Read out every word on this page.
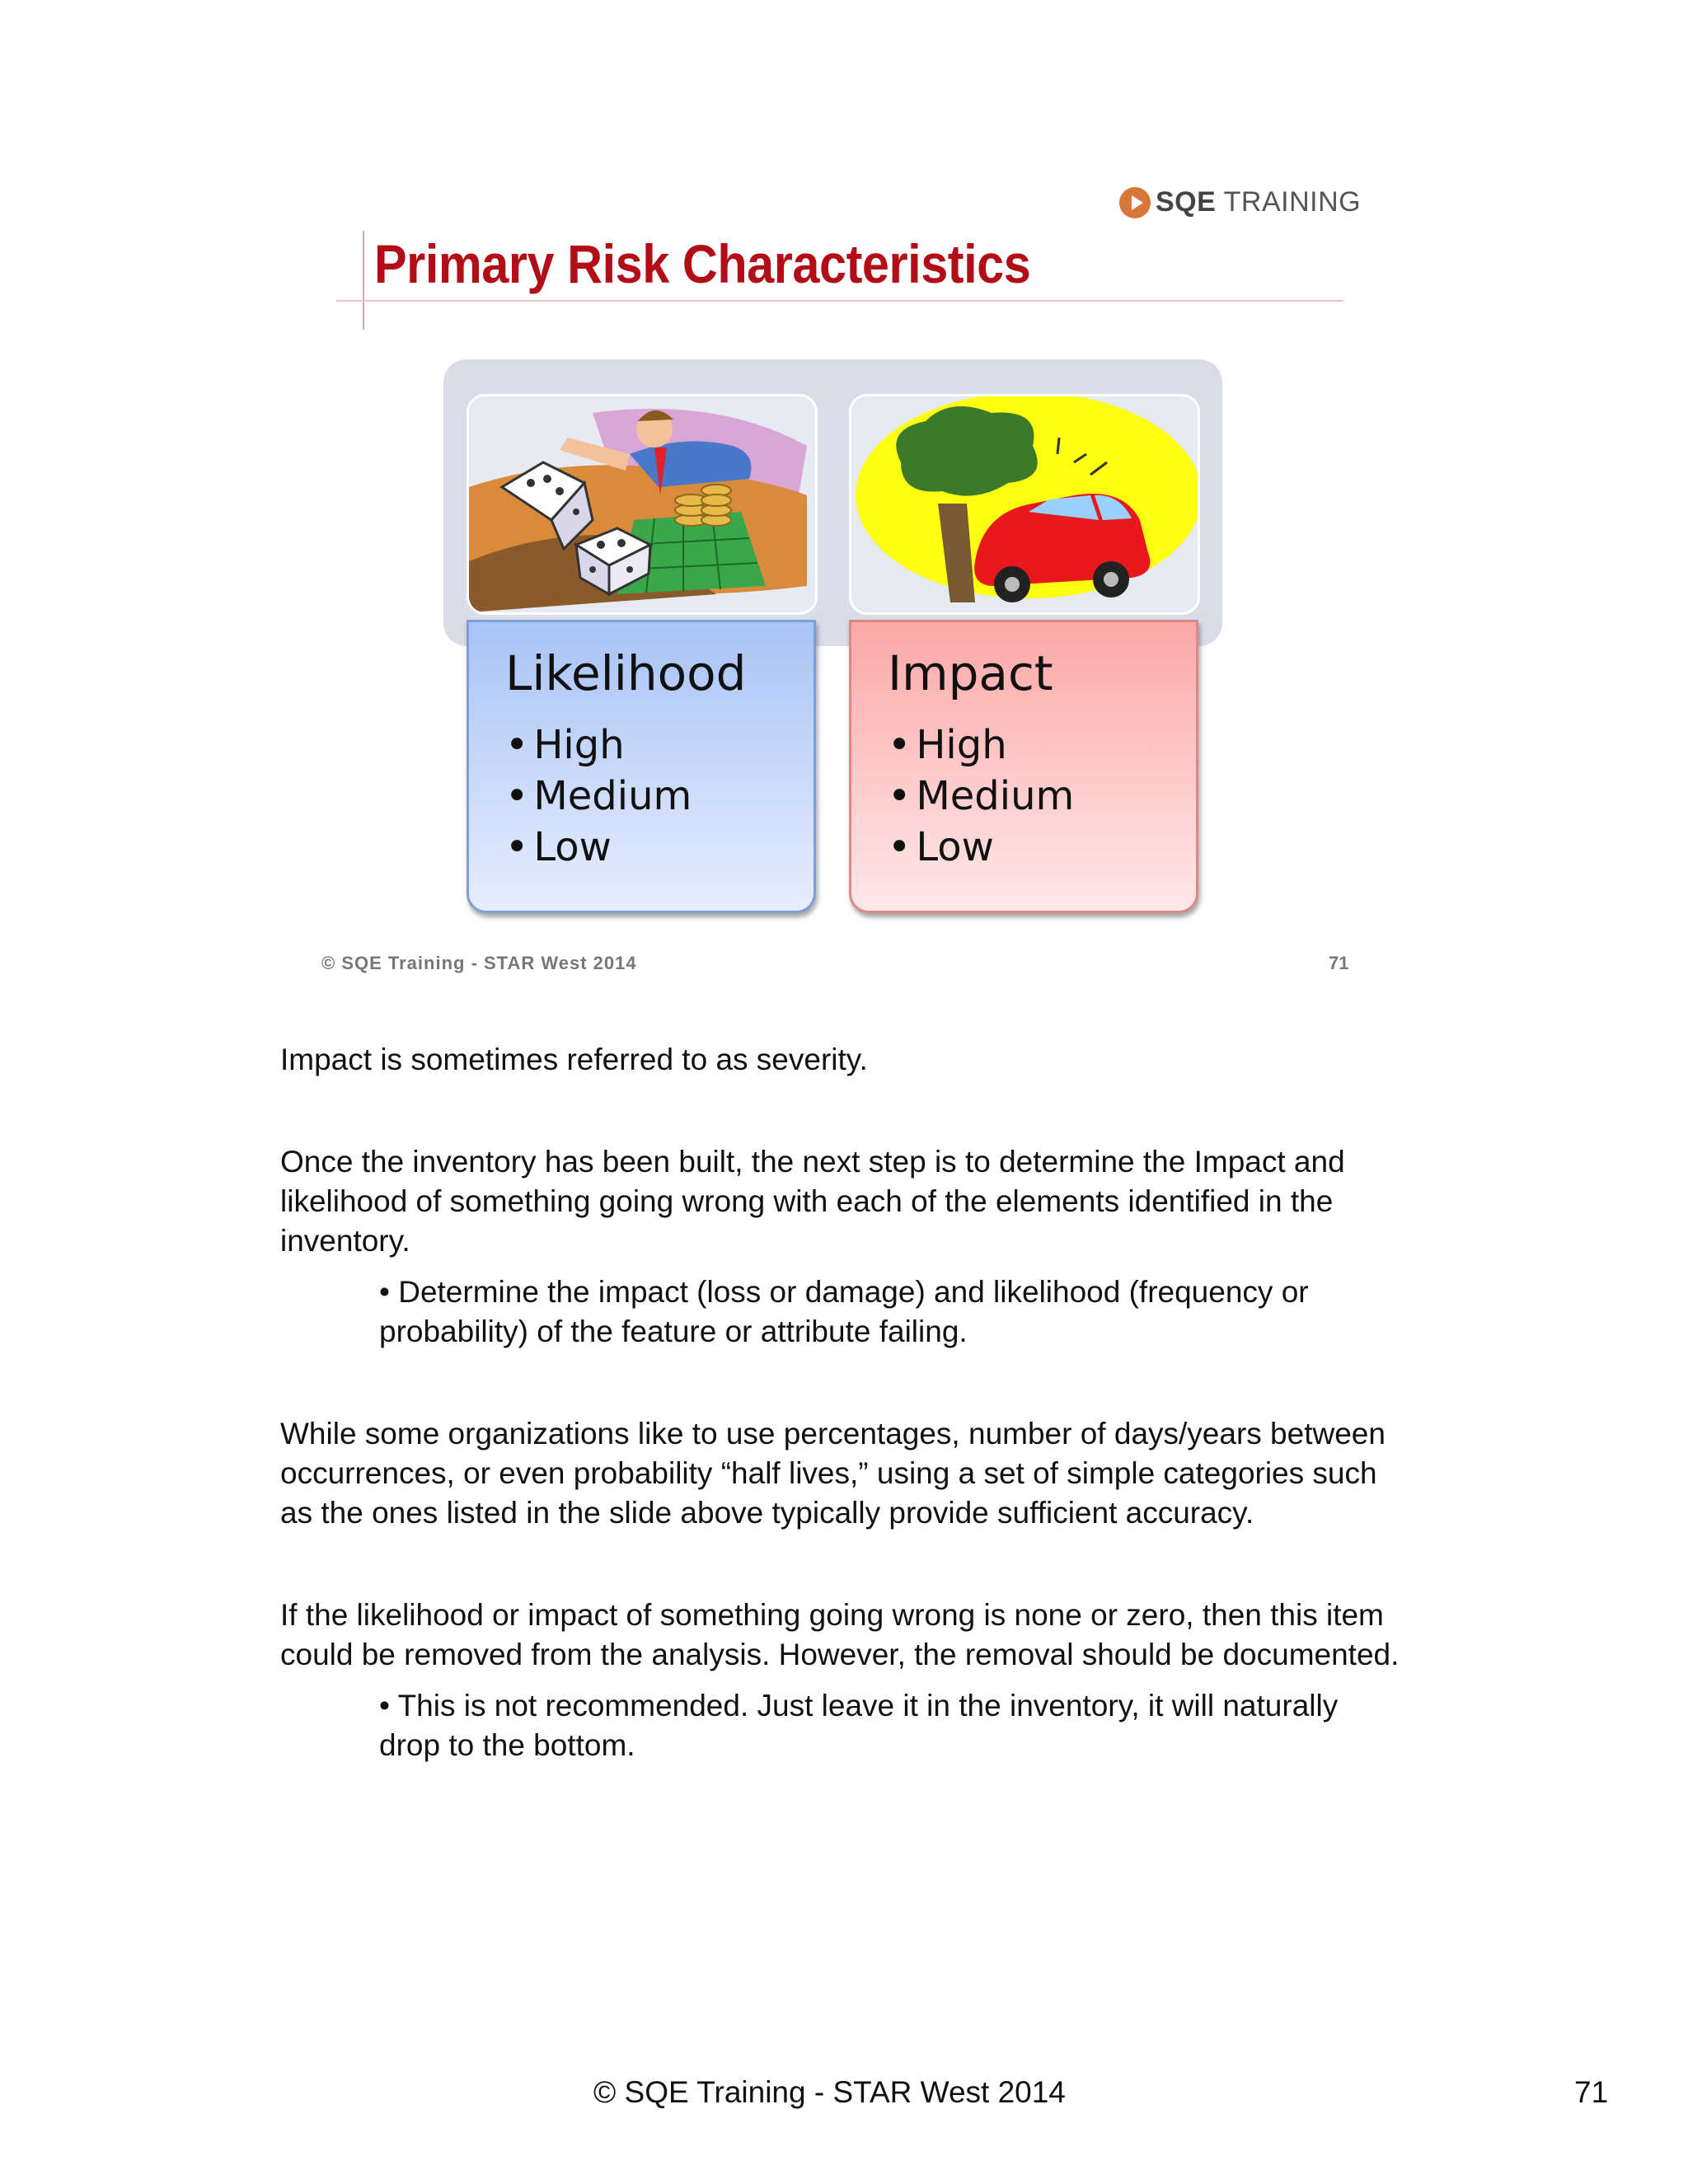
SQE TRAINING
Primary Risk Characteristics
Likelihood
• High
• Medium
• Low
Impact
• High
• Medium
• Low
© SQE Training - STAR West 2014	71

Impact is sometimes referred to as severity.

Once the inventory has been built, the next step is to determine the Impact and likelihood of something going wrong with each of the elements identified in the inventory.

• Determine the impact (loss or damage) and likelihood (frequency or probability) of the feature or attribute failing.

While some organizations like to use percentages, number of days/years between occurrences, or even probability “half lives,” using a set of simple categories such as the ones listed in the slide above typically provide sufficient accuracy.

If the likelihood or impact of something going wrong is none or zero, then this item could be removed from the analysis. However, the removal should be documented.

• This is not recommended. Just leave it in the inventory, it will naturally drop to the bottom.

© SQE Training - STAR West 2014	71
